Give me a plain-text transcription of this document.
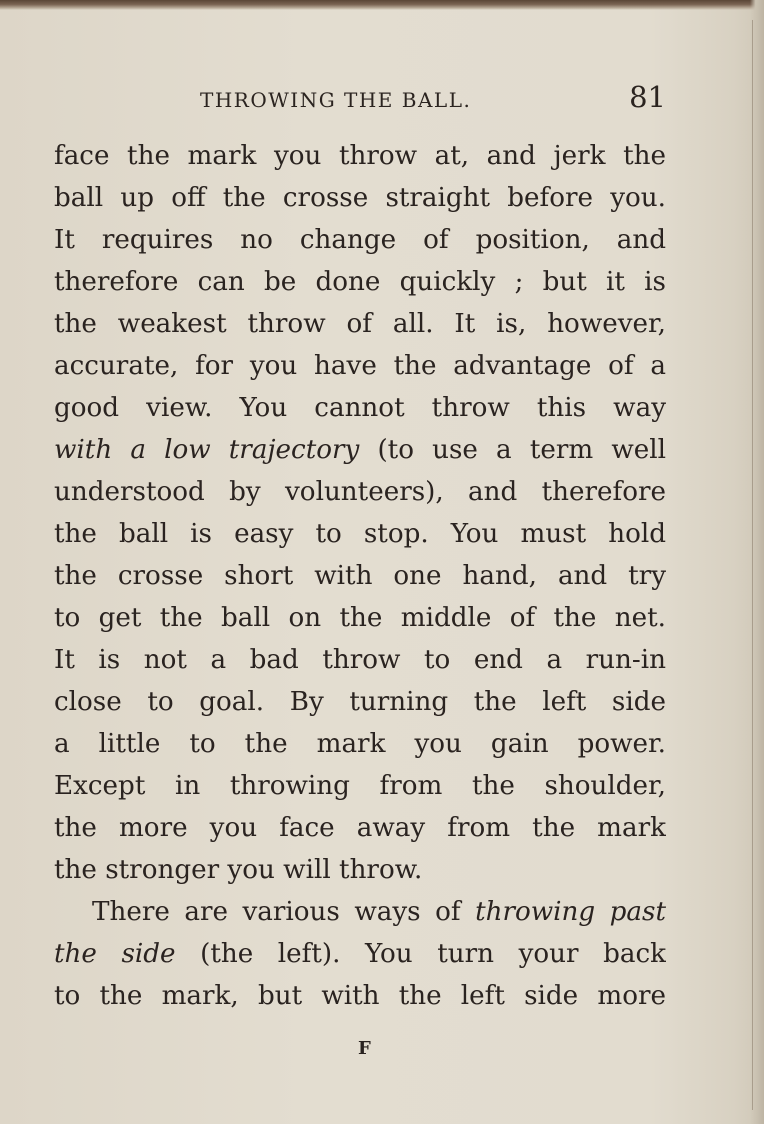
THROWING THE BALL.	81
face the mark you throw at, and jerk the
ball up off the crosse straight before you.
It requires no change of position, and
therefore can be done quickly ; but it is
the weakest throw of all. It is, however,
accurate, for you have the advantage of a
good view. You cannot throw this way
with a low trajectory (to use a term well
understood by volunteers), and therefore
the ball is easy to stop. You must hold
the crosse short with one hand, and try
to get the ball on the middle of the net.
It is not a bad throw to end a run-in
close to goal. By turning the left side
a little to the mark you gain power.
Except in throwing from the shoulder,
the more you face away from the mark
the stronger you will throw.
There are various ways of throwing past
the side (the left). You turn your back
to the mark, but with the left side more
F
